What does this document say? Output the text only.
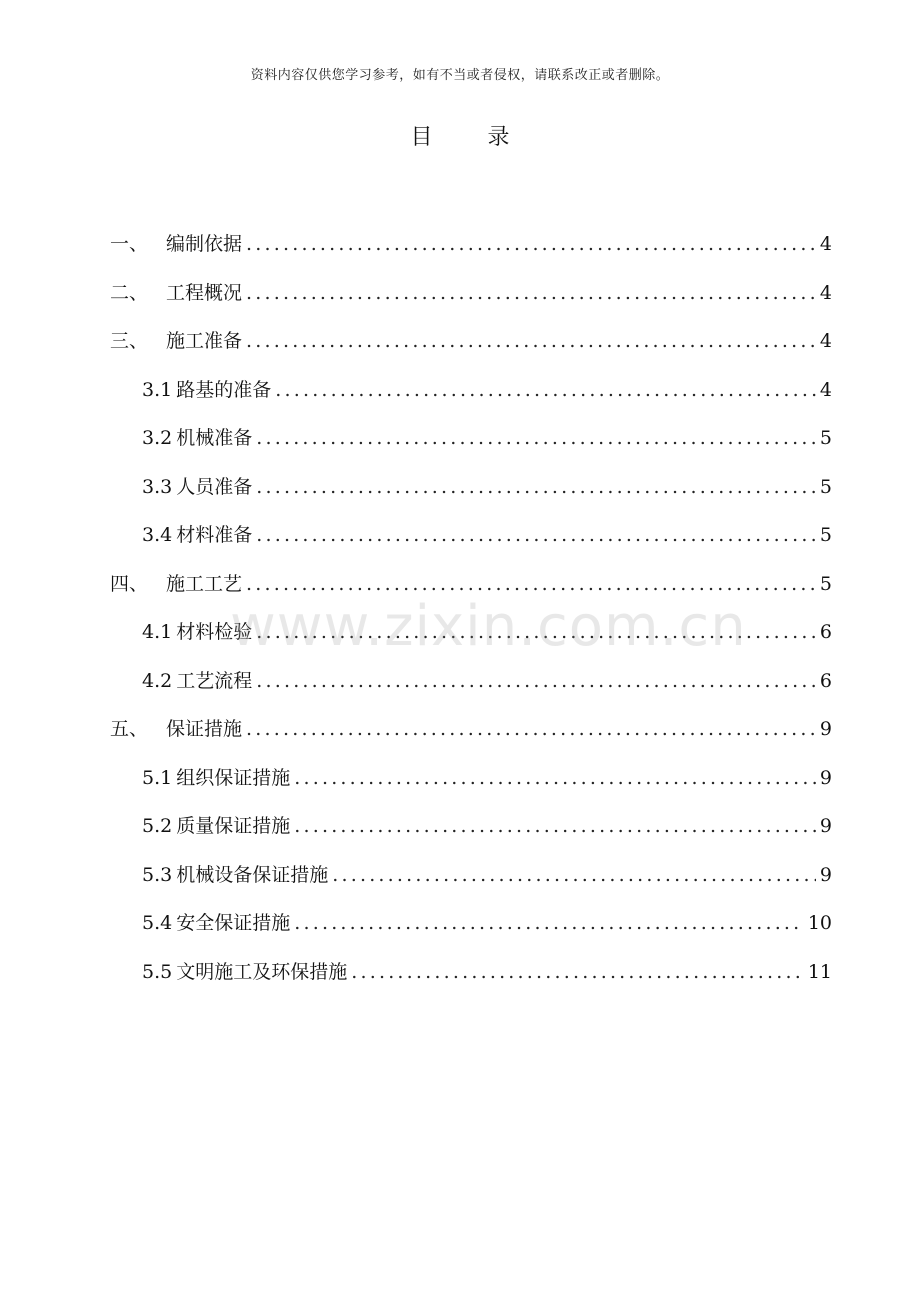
资料内容仅供您学习参考，如有不当或者侵权，请联系改正或者删除。
目 录
一、 编制依据 .....	4
二、 工程概况 .....	4
三、 施工准备 .....	4
3.1 路基的准备 .....	4
3.2 机械准备 .....	5
3.3 人员准备 .....	5
3.4 材料准备 .....	5
四、 施工工艺 .....	5
4.1 材料检验 .....	6
4.2 工艺流程 .....	6
五、 保证措施 .....	9
5.1 组织保证措施 .....	9
5.2 质量保证措施 .....	9
5.3 机械设备保证措施 .....	9
5.4 安全保证措施 .....	10
5.5 文明施工及环保措施 .....	11
www.zixin.com.cn
